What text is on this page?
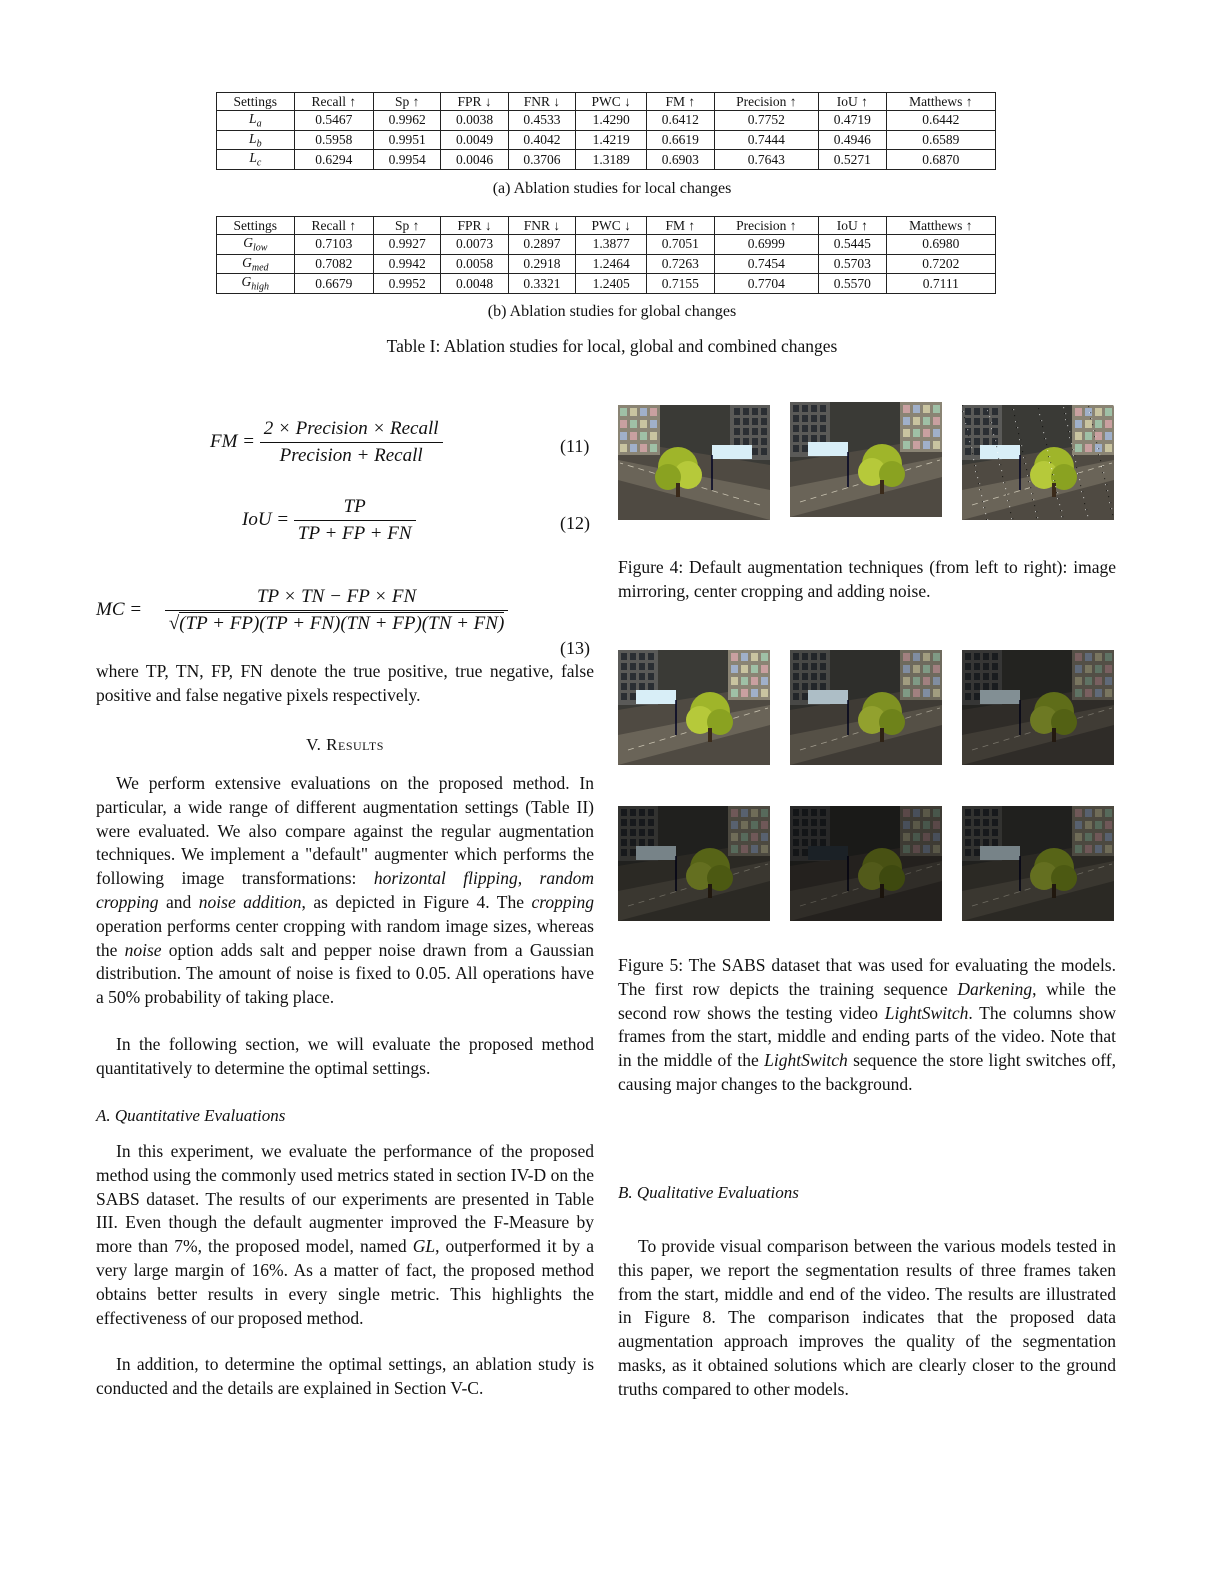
Settings	Recall ↑	Sp ↑	FPR ↓	FNR ↓	PWC ↓	FM ↑	Precision ↑	IoU ↑	Matthews ↑
$L_a$	0.5467	0.9962	0.0038	0.4533	1.4290	0.6412	0.7752	0.4719	0.6442
$L_b$	0.5958	0.9951	0.0049	0.4042	1.4219	0.6619	0.7444	0.4946	0.6589
$L_c$	0.6294	0.9954	0.0046	0.3706	1.3189	0.6903	0.7643	0.5271	0.6870
(a) Ablation studies for local changes
Settings	Recall ↑	Sp ↑	FPR ↓	FNR ↓	PWC ↓	FM ↑	Precision ↑	IoU ↑	Matthews ↑
$G_{low}$	0.7103	0.9927	0.0073	0.2897	1.3877	0.7051	0.6999	0.5445	0.6980
$G_{med}$	0.7082	0.9942	0.0058	0.2918	1.2464	0.7263	0.7454	0.5703	0.7202
$G_{high}$	0.6679	0.9952	0.0048	0.3321	1.2405	0.7155	0.7704	0.5570	0.7111
(b) Ablation studies for global changes
Table I: Ablation studies for local, global and combined changes
FM = $\frac{\text{2 × Precision × Recall}}{\text{Precision + Recall}}$	(11)
IoU = $\frac{TP}{TP + FP + FN}$	(12)
MC = $\frac{TP \times TN - FP \times FN}{√(TP + FP)(TP + FN)(TN + FP)(TN + FN)}$
(13)
where TP, TN, FP, FN denote the true positive, true negative, false positive and false negative pixels respectively.
V. Results
We perform extensive evaluations on the proposed method. In particular, a wide range of different augmentation settings (Table II) were evaluated. We also compare against the regular augmentation techniques. We implement a "default" augmenter which performs the following image transformations: horizontal flipping, random cropping and noise addition, as depicted in Figure 4. The cropping operation performs center cropping with random image sizes, whereas the noise option adds salt and pepper noise drawn from a Gaussian distribution. The amount of noise is fixed to 0.05. All operations have a 50% probability of taking place.
In the following section, we will evaluate the proposed method quantitatively to determine the optimal settings.
A. Quantitative Evaluations
In this experiment, we evaluate the performance of the proposed method using the commonly used metrics stated in section IV-D on the SABS dataset. The results of our experiments are presented in Table III. Even though the default augmenter improved the F-Measure by more than 7%, the proposed model, named GL, outperformed it by a very large margin of 16%. As a matter of fact, the proposed method obtains better results in every single metric. This highlights the effectiveness of our proposed method.
In addition, to determine the optimal settings, an ablation study is conducted and the details are explained in Section V-C.
Figure 4: Default augmentation techniques (from left to right): image mirroring, center cropping and adding noise.
Figure 5: The SABS dataset that was used for evaluating the models. The first row depicts the training sequence Darkening, while the second row shows the testing video LightSwitch. The columns show frames from the start, middle and ending parts of the video. Note that in the middle of the LightSwitch sequence the store light switches off, causing major changes to the background.
B. Qualitative Evaluations
To provide visual comparison between the various models tested in this paper, we report the segmentation results of three frames taken from the start, middle and end of the video. The results are illustrated in Figure 8. The comparison indicates that the proposed data augmentation approach improves the quality of the segmentation masks, as it obtained solutions which are clearly closer to the ground truths compared to other models.
